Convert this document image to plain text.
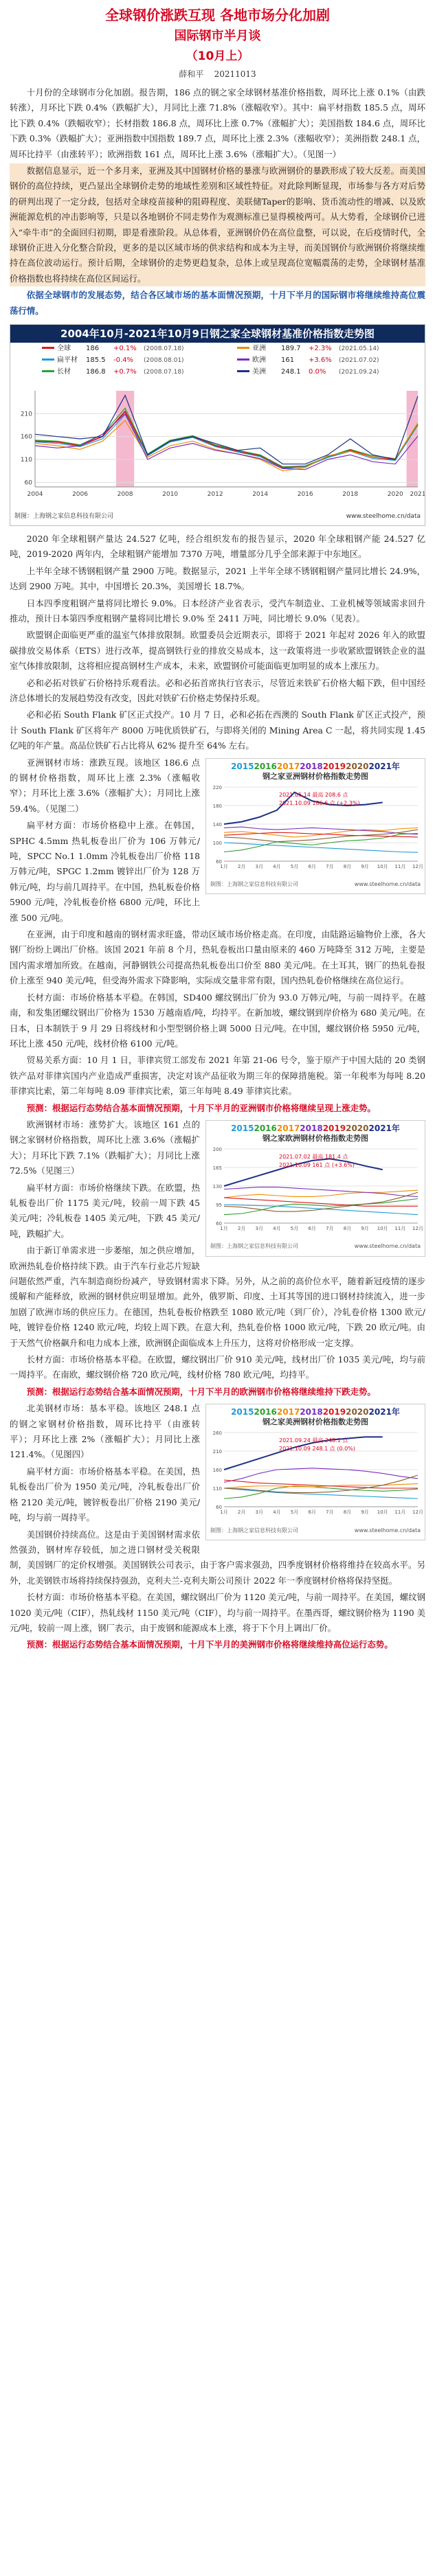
全球钢价涨跌互现 各地市场分化加剧
国际钢市半月谈
（10月上）
薛和平 20211013

十月份的全球钢市分化加剧。报告期，186 点的钢之家全球钢材基准价格指数，周环比上涨 0.1%（由跌转涨），月环比下跌 0.4%（跌幅扩大），月同比上涨 71.8%（涨幅收窄）。其中：扁平材指数 185.5 点，周环比下跌 0.4%（跌幅收窄）；长材指数 186.8 点，周环比上涨 0.7%（涨幅扩大）；美国指数 184.6 点，周环比下跌 0.3%（跌幅扩大）；亚洲指数中国指数 189.7 点，周环比上涨 2.3%（涨幅收窄）；美洲指数 248.1 点，周环比持平（由涨转平）；欧洲指数 161 点，周环比上涨 3.6%（涨幅扩大）。（见图一）

数据信息显示，近一个多月来，亚洲及其中国钢材价格的暴涨与欧洲钢价的暴跌形成了较大反差。而美国钢价的高位持续，更凸显出全球钢价走势的地域性差别和区域性特征。对此除判断显现，市场参与各方对后势的研判出现了一定分歧，包括对全球疫苗接种的阻碍程度、美联储Taper的影响、货币流动性的增减、以及欧洲能源危机的冲击影响等，只是以各地钢价不同走势作为观测标准已显得模棱两可。从大势看，全球钢价已进入“牵牛市”的全面回归初期，即是看涨阶段。从总体看，亚洲钢价仍在高位盘整，可以说，在后疫情时代，全球钢价正进入分化整合阶段，更多的是以区域市场的供求结构和成本为主导，而美国钢价与欧洲钢价将继续维持在高位波动运行。预计后期，全球钢价的走势更趋复杂，总体上或呈现高位宽幅震荡的走势，全球钢材基准价格指数也将持续在高位区间运行。

依据全球钢市的发展态势，结合各区域市场的基本面情况预期，十月下半月的国际钢市将继续维持高位震荡行情。

2004年10月-2021年10月9日钢之家全球钢材基准价格指数走势图
60
110
160
210
2004	2006	2008	2010	2012	2014	2016	2018	2020 2021
全球 186 +0.1% (2008.07.18)
扁平材 185.5 -0.4% (2008.08.01)
长材 186.8 +0.7% (2008.07.18)
亚洲 189.7 +2.3% (2021.05.14)
欧洲 161 +3.6% (2021.07.02)
美洲 248.1 0.0% (2021.09.24)
制图：上海钢之家信息科技有限公司	www.steelhome.cn/data

2020 年全球粗钢产量达 24.527 亿吨，经合组织发布的报告显示，2020 年全球粗钢产能 24.527 亿吨，2019-2020 两年内，全球粗钢产能增加 7370 万吨，增量部分几乎全部来源于中东地区。

上半年全球不锈钢粗钢产量 2900 万吨。数据显示，2021 上半年全球不锈钢粗钢产量同比增长 24.9%，达到 2900 万吨。其中，中国增长 20.3%，美国增长 18.7%。

日本四季度粗钢产量将同比增长 9.0%。日本经济产业省表示，受汽车制造业、工业机械等领域需求回升推动，预计日本第四季度粗钢产量将同比增长 9.0% 至 2411 万吨，同比增长 9.0%（见表）。

欧盟钢企面临更严重的温室气体排放限制。欧盟委员会近期表示，即将于 2021 年起对 2026 年入的欧盟碳排放交易体系（ETS）进行改革，提高钢铁行业的排放交易成本，这一政策将进一步收紧欧盟钢铁企业的温室气体排放限制，这将相应提高钢材生产成本，未来，欧盟钢价可能面临更加明显的成本上涨压力。

必和必拓对铁矿石价格持乐观看法。必和必拓首席执行官表示，尽管近来铁矿石价格大幅下跌，但中国经济总体增长的发展趋势没有改变，因此对铁矿石价格走势保持乐观。

必和必拓 South Flank 矿区正式投产。10 月 7 日，必和必拓在西澳的 South Flank 矿区正式投产，预计 South Flank 矿区将年产 8000 万吨优质铁矿石，与即将关闭的 Mining Area C 一起，将共同实现 1.45 亿吨的年产量。高品位铁矿石占比将从 62% 提升至 64% 左右。

2015201620172018201920202021年
钢之家亚洲钢材价格指数走势图
60
100
140
180
220
1月 2月 3月 4月 5月 6月 7月 8月 9月 10月 11月 12月
2021.05.14 最高 208.6 点
2021.10.09 186.6 点 (+2.3%)
制图：上海钢之家信息科技有限公司	www.steelhome.cn/data

亚洲钢材市场：涨跌互现。该地区 186.6 点的钢材价格指数，周环比上涨 2.3%（涨幅收窄）；月环比上涨 3.6%（涨幅扩大）；月同比上涨 59.4%。（见图二）

扁平材方面：市场价格稳中上涨。在韩国，SPHC 4.5mm 热轧板卷出厂价为 106 万韩元/吨，SPCC No.1 1.0mm 冷轧板卷出厂价格 118 万韩元/吨，SPGC 1.2mm 镀锌出厂价为 128 万韩元/吨，均与前几周持平。在中国，热轧板卷价格 5900 元/吨，冷轧板卷价格 6800 元/吨，环比上涨 500 元/吨。

在亚洲，由于印度和越南的钢材需求旺盛，带动区域市场价格走高。在印度，由陆路运输物价上涨，各大钢厂纷纷上调出厂价格。该国 2021 年前 8 个月，热轧卷板出口量由原来的 460 万吨降至 312 万吨，主要是国内需求增加所致。在越南，河静钢铁公司提高热轧板卷出口价至 880 美元/吨。在土耳其，钢厂的热轧卷报价上涨至 940 美元/吨，但受海外需求下降影响，实际成交量非常有限，国内热轧卷价格继续在高位运行。

长材方面：市场价格基本平稳。在韩国，SD400 螺纹钢出厂价为 93.0 万韩元/吨，与前一周持平。在越南，和发集团螺纹钢出厂价格为 1530 万越南盾/吨，均持平。在新加坡，螺纹钢到岸价格为 680 美元/吨。在日本，日本制铁于 9 月 29 日将线材和小型型钢价格上调 5000 日元/吨。在中国，螺纹钢价格 5950 元/吨，环比上涨 450 元/吨，线材价格 6100 元/吨。

贸易关系方面：10 月 1 日，菲律宾贸工部发布 2021 年第 21-06 号令，鉴于原产于中国大陆的 20 类钢铁产品对菲律宾国内产业造成严重损害，决定对该产品征收为期三年的保障措施税。第一年税率为每吨 8.20 菲律宾比索，第二年每吨 8.09 菲律宾比索，第三年每吨 8.49 菲律宾比索。

预测：根据运行态势结合基本面情况预期，十月下半月的亚洲钢市价格将继续呈现上涨走势。

2015201620172018201920202021年
钢之家欧洲钢材价格指数走势图
60
95
130
165
200
1月 2月 3月 4月 5月 6月 7月 8月 9月 10月 11月 12月
2021.07.02 最高 181.4 点
2021.10.09 161 点 (+3.6%)
制图：上海钢之家信息科技有限公司	www.steelhome.cn/data

欧洲钢材市场：涨势扩大。该地区 161 点的钢之家钢材价格指数，周环比上涨 3.6%（涨幅扩大）；月环比下跌 7.1%（跌幅扩大）；月同比上涨 72.5%（见图三）

扁平材方面：市场价格继续下跌。在欧盟，热轧板卷出厂价 1175 美元/吨，较前一周下跌 45 美元/吨；冷轧板卷 1405 美元/吨，下跌 45 美元/吨，跌幅扩大。

由于新订单需求进一步萎缩，加之供应增加，欧洲热轧卷价格持续下跌。由于汽车行业芯片短缺问题依然严重，汽车制造商纷纷减产，导致钢材需求下降。另外，从之前的高价位水平，随着新冠疫情的逐步缓解和产能释放，欧洲的钢材供应明显增加。此外，俄罗斯、印度、土耳其等国的进口钢材持续流入，进一步加剧了欧洲市场的供应压力。在德国，热轧卷板价格跌至 1080 欧元/吨（到厂价），冷轧卷价格 1300 欧元/吨，镀锌卷价格 1240 欧元/吨，均较上周下跌。在意大利，热轧卷价格 1000 欧元/吨，下跌 20 欧元/吨。由于天然气价格飙升和电力成本上涨，欧洲钢企面临成本上升压力，这将对价格形成一定支撑。

长材方面：市场价格基本平稳。在欧盟，螺纹钢出厂价 910 美元/吨，线材出厂价 1035 美元/吨，均与前一周持平。在南欧，螺纹钢价格 720 欧元/吨，线材价格 780 欧元/吨，均持平。

预测：根据运行态势结合基本面情况预期，十月下半月的欧洲钢市价格将继续维持下跌走势。

2015201620172018201920202021年
钢之家美洲钢材价格指数走势图
60
110
160
210
260
1月 2月 3月 4月 5月 6月 7月 8月 9月 10月 11月 12月
2021.09.24 最高 248.1 点
2021.10.09 248.1 点 (0.0%)
制图：上海钢之家信息科技有限公司	www.steelhome.cn/data

北美钢材市场：基本平稳。该地区 248.1 点的钢之家钢材价格指数，周环比持平（由涨转平）；月环比上涨 2%（涨幅扩大）；月同比上涨 121.4%。（见图四）

扁平材方面：市场价格基本平稳。在美国，热轧板卷出厂价为 1950 美元/吨，冷轧板卷出厂价格 2120 美元/吨，镀锌板卷出厂价格 2190 美元/吨，均与前一周持平。

美国钢价持续高位。这是由于美国钢材需求依然强劲，钢材库存较低，加之进口钢材受关税限制，美国钢厂的定价权增强。美国钢铁公司表示，由于客户需求强劲，四季度钢材价格将维持在较高水平。另外，北美钢铁市场将持续保持强劲，克利夫兰-克利夫斯公司预计 2022 年一季度钢材价格将保持坚挺。

长材方面：市场价格基本平稳。在美国，螺纹钢出厂价为 1120 美元/吨，与前一周持平。在美国，螺纹钢 1020 美元/吨（CIF），热轧线材 1150 美元/吨（CIF），均与前一周持平。在墨西哥，螺纹钢价格为 1190 美元/吨，较前一周上涨，钢厂表示，由于废钢和能源成本上涨，将于下个月上调出厂价。

预测：根据运行态势结合基本面情况预期，十月下半月的美洲钢市价格将继续维持高位运行态势。
